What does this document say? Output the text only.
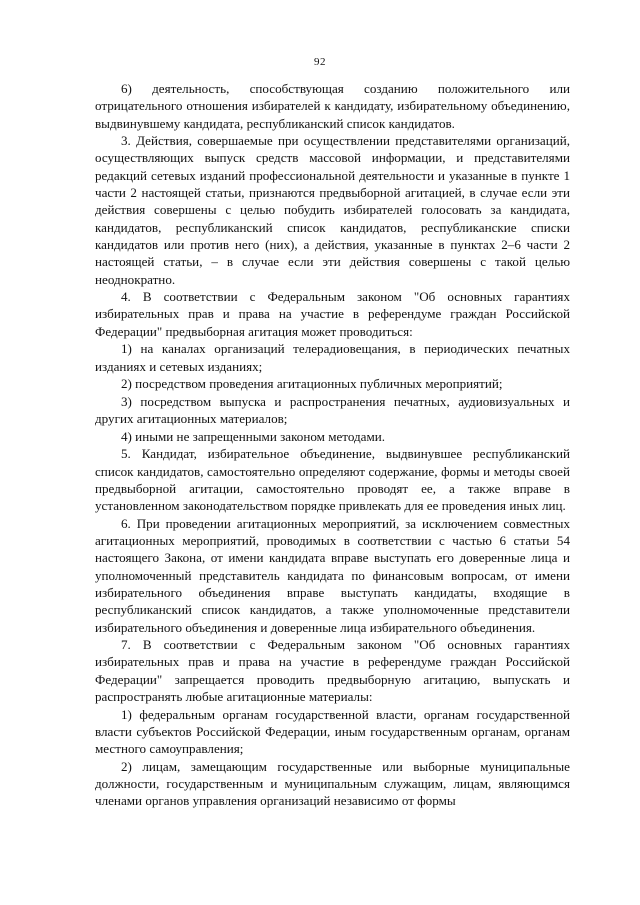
92

6) деятельность, способствующая созданию положительного или отрицательного отношения избирателей к кандидату, избирательному объединению, выдвинувшему кандидата, республиканский список кандидатов.

3. Действия, совершаемые при осуществлении представителями организаций, осуществляющих выпуск средств массовой информации, и представителями редакций сетевых изданий профессиональной деятельности и указанные в пункте 1 части 2 настоящей статьи, признаются предвыборной агитацией, в случае если эти действия совершены с целью побудить избирателей голосовать за кандидата, кандидатов, республиканский список кандидатов, республиканские списки кандидатов или против него (них), а действия, указанные в пунктах 2–6 части 2 настоящей статьи, – в случае если эти действия совершены с такой целью неоднократно.

4. В соответствии с Федеральным законом "Об основных гарантиях избирательных прав и права на участие в референдуме граждан Российской Федерации" предвыборная агитация может проводиться:

1) на каналах организаций телерадиовещания, в периодических печатных изданиях и сетевых изданиях;

2) посредством проведения агитационных публичных мероприятий;

3) посредством выпуска и распространения печатных, аудиовизуальных и других агитационных материалов;

4) иными не запрещенными законом методами.

5. Кандидат, избирательное объединение, выдвинувшее республиканский список кандидатов, самостоятельно определяют содержание, формы и методы своей предвыборной агитации, самостоятельно проводят ее, а также вправе в установленном законодательством порядке привлекать для ее проведения иных лиц.

6. При проведении агитационных мероприятий, за исключением совместных агитационных мероприятий, проводимых в соответствии с частью 6 статьи 54 настоящего Закона, от имени кандидата вправе выступать его доверенные лица и уполномоченный представитель кандидата по финансовым вопросам, от имени избирательного объединения вправе выступать кандидаты, входящие в республиканский список кандидатов, а также уполномоченные представители избирательного объединения и доверенные лица избирательного объединения.

7. В соответствии с Федеральным законом "Об основных гарантиях избирательных прав и права на участие в референдуме граждан Российской Федерации" запрещается проводить предвыборную агитацию, выпускать и распространять любые агитационные материалы:

1) федеральным органам государственной власти, органам государственной власти субъектов Российской Федерации, иным государственным органам, органам местного самоуправления;

2) лицам, замещающим государственные или выборные муниципальные должности, государственным и муниципальным служащим, лицам, являющимся членами органов управления организаций независимо от формы
